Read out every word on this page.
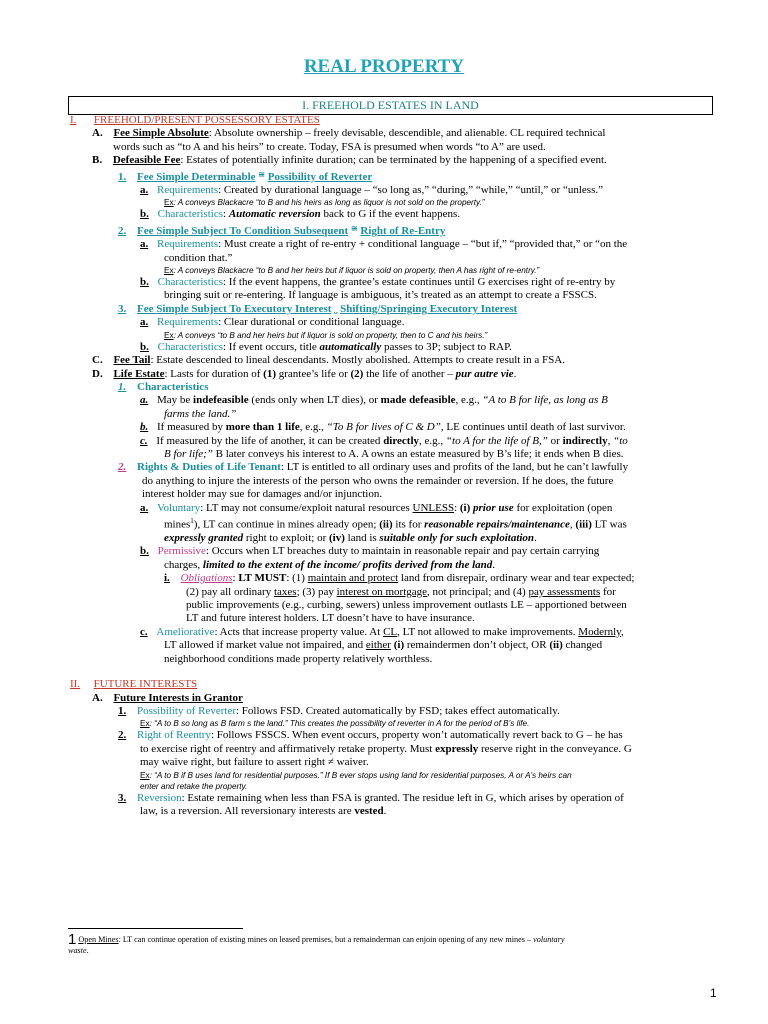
REAL PROPERTY
I. FREEHOLD ESTATES IN LAND
I. FREEHOLD/PRESENT POSSESSORY ESTATES
A. Fee Simple Absolute: Absolute ownership – freely devisable, descendible, and alienable. CL required technical
words such as “to A and his heirs” to create. Today, FSA is presumed when words “to A” are used.
B. Defeasible Fee: Estates of potentially infinite duration; can be terminated by the happening of a specified event.
1. Fee Simple Determinable ≅ Possibility of Reverter
a. Requirements: Created by durational language – “so long as,” “during,” “while,” “until,” or “unless.”
Ex: A conveys Blackacre “to B and his heirs as long as liquor is not sold on the property.”
b. Characteristics: Automatic reversion back to G if the event happens.
2. Fee Simple Subject To Condition Subsequent ≅ Right of Re-Entry
a. Requirements: Must create a right of re-entry + conditional language – “but if,” “provided that,” or “on the
condition that.”
Ex: A conveys Blackacre “to B and her heirs but if liquor is sold on property, then A has right of re-entry.”
b. Characteristics: If the event happens, the grantee’s estate continues until G exercises right of re-entry by
bringing suit or re-entering. If language is ambiguous, it’s treated as an attempt to create a FSSCS.
3. Fee Simple Subject To Executory Interest ⎵ Shifting/Springing Executory Interest
a. Requirements: Clear durational or conditional language.
Ex: A conveys “to B and her heirs but if liquor is sold on property, then to C and his heirs.”
b. Characteristics: If event occurs, title automatically passes to 3P; subject to RAP.
C. Fee Tail: Estate descended to lineal descendants. Mostly abolished. Attempts to create result in a FSA.
D. Life Estate: Lasts for duration of (1) grantee’s life or (2) the life of another – pur autre vie.
1. Characteristics
a. May be indefeasible (ends only when LT dies), or made defeasible, e.g., “A to B for life, as long as B
farms the land.”
b. If measured by more than 1 life, e.g., “To B for lives of C & D”, LE continues until death of last survivor.
c. If measured by the life of another, it can be created directly, e.g., “to A for the life of B,” or indirectly, “to
B for life;” B later conveys his interest to A. A owns an estate measured by B’s life; it ends when B dies.
2. Rights & Duties of Life Tenant: LT is entitled to all ordinary uses and profits of the land, but he can’t lawfully
do anything to injure the interests of the person who owns the remainder or reversion. If he does, the future
interest holder may sue for damages and/or injunction.
a. Voluntary: LT may not consume/exploit natural resources UNLESS: (i) prior use for exploitation (open
mines$^1$), LT can continue in mines already open; (ii) its for reasonable repairs/maintenance, (iii) LT was
expressly granted right to exploit; or (iv) land is suitable only for such exploitation.
b. Permissive: Occurs when LT breaches duty to maintain in reasonable repair and pay certain carrying
charges, limited to the extent of the income/ profits derived from the land.
i. Obligations: LT MUST: (1) maintain and protect land from disrepair, ordinary wear and tear expected;
(2) pay all ordinary taxes; (3) pay interest on mortgage, not principal; and (4) pay assessments for
public improvements (e.g., curbing, sewers) unless improvement outlasts LE – apportioned between
LT and future interest holders. LT doesn’t have to have insurance.
c. Ameliorative: Acts that increase property value. At CL, LT not allowed to make improvements. Modernly,
LT allowed if market value not impaired, and either (i) remaindermen don’t object, OR (ii) changed
neighborhood conditions made property relatively worthless.
II. FUTURE INTERESTS
A. Future Interests in Grantor
1. Possibility of Reverter: Follows FSD. Created automatically by FSD; takes effect automatically.
Ex: “A to B so long as B farm s the land.” This creates the possibility of reverter in A for the period of B’s life.
2. Right of Reentry: Follows FSSCS. When event occurs, property won’t automatically revert back to G – he has
to exercise right of reentry and affirmatively retake property. Must expressly reserve right in the conveyance. G
may waive right, but failure to assert right ≠ waiver.
Ex: “A to B if B uses land for residential purposes.” If B ever stops using land for residential purposes, A or A’s heirs can
enter and retake the property.
3. Reversion: Estate remaining when less than FSA is granted. The residue left in G, which arises by operation of
law, is a reversion. All reversionary interests are vested.
1 Open Mines: LT can continue operation of existing mines on leased premises, but a remainderman can enjoin opening of any new mines – voluntary
waste.
1
